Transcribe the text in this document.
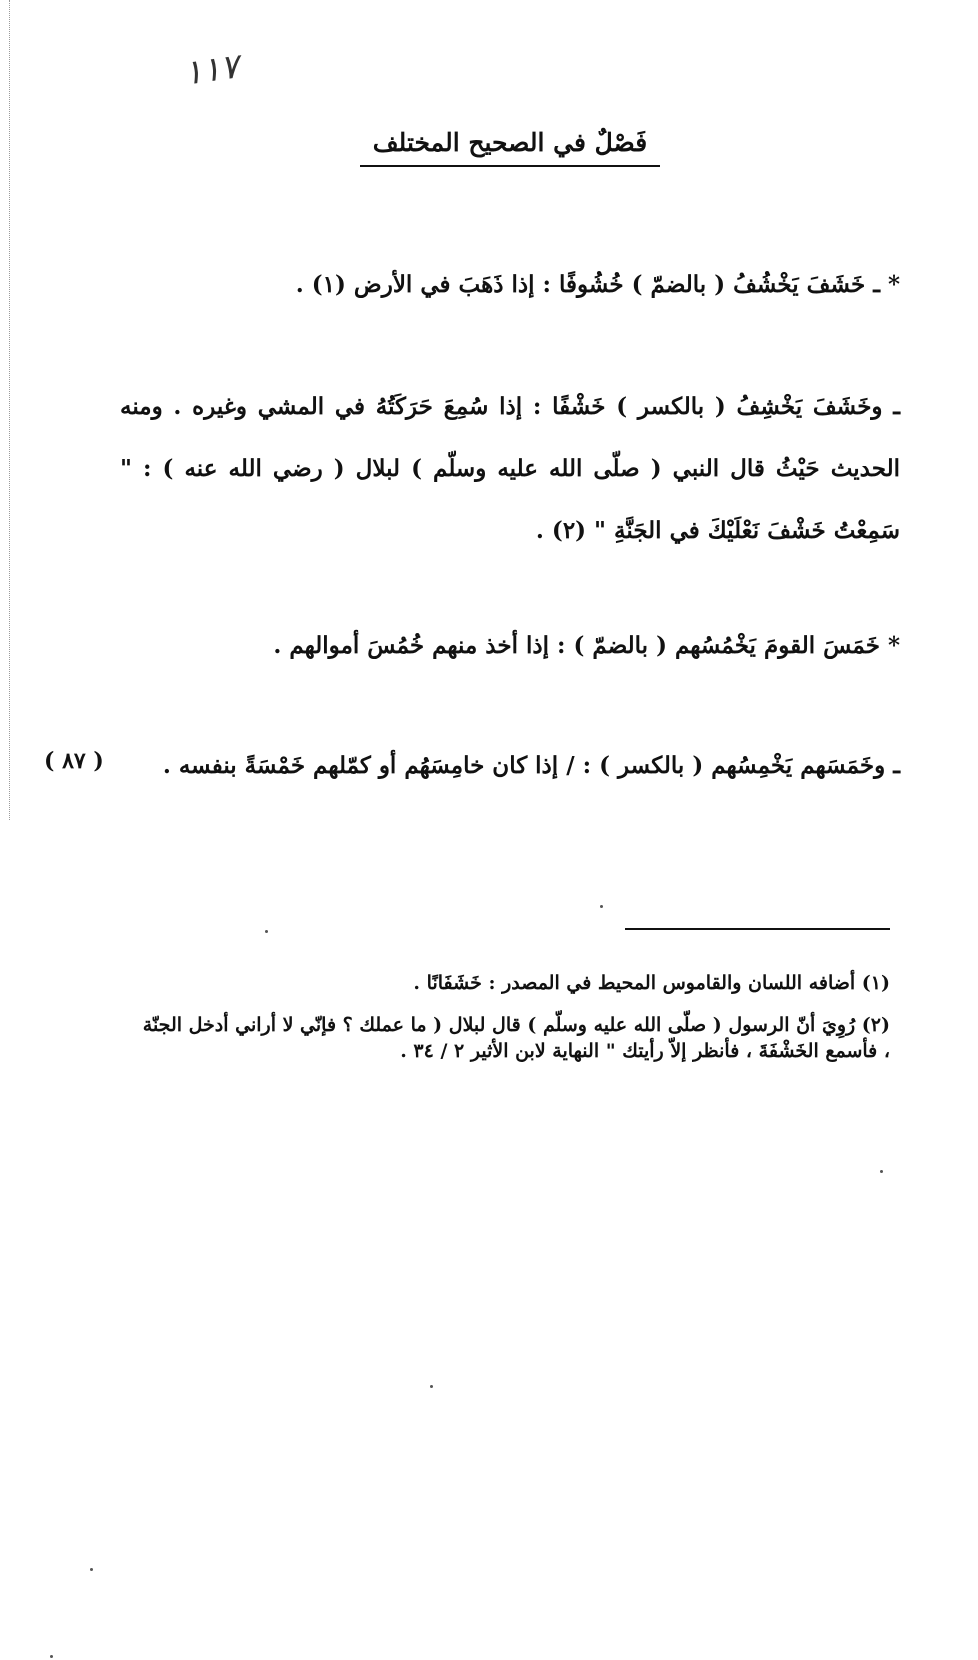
١١٧
فَصْلٌ في الصحيح المختلف
* ـ خَشَفَ يَخْشُفُ ( بالضمّ ) خُشُوفًا : إذا ذَهَبَ في الأرض (١) .
ـ وخَشَفَ يَخْشِفُ ( بالكسر ) خَشْفًا : إذا سُمِعَ حَرَكَتُهُ في المشي وغيره . ومنه الحديث حَيْثُ قال النبي ( صلّى الله عليه وسلّم ) لبلال ( رضي الله عنه ) : " سَمِعْتُ خَشْفَ نَعْلَيْكَ في الجَنَّةِ " (٢) .
* خَمَسَ القومَ يَخْمُسُهم ( بالضمّ ) : إذا أخذ منهم خُمُسَ أموالهم .
ـ وخَمَسَهم يَخْمِسُهم ( بالكسر ) : / إذا كان خامِسَهُم أو كمّلهم خَمْسَةً بنفسه .
( ٨٧ )
(١) أضافه اللسان والقاموس المحيط في المصدر : خَشَفَانًا .
(٢) رُوِيَ أنّ الرسول ( صلّى الله عليه وسلّم ) قال لبلال ( ما عملك ؟ فإنّي لا أراني أدخل الجنّة ، فأسمع الخَشْفَةَ ، فأنظر إلاّ رأيتك " النهاية لابن الأثير ٢ / ٣٤ .
